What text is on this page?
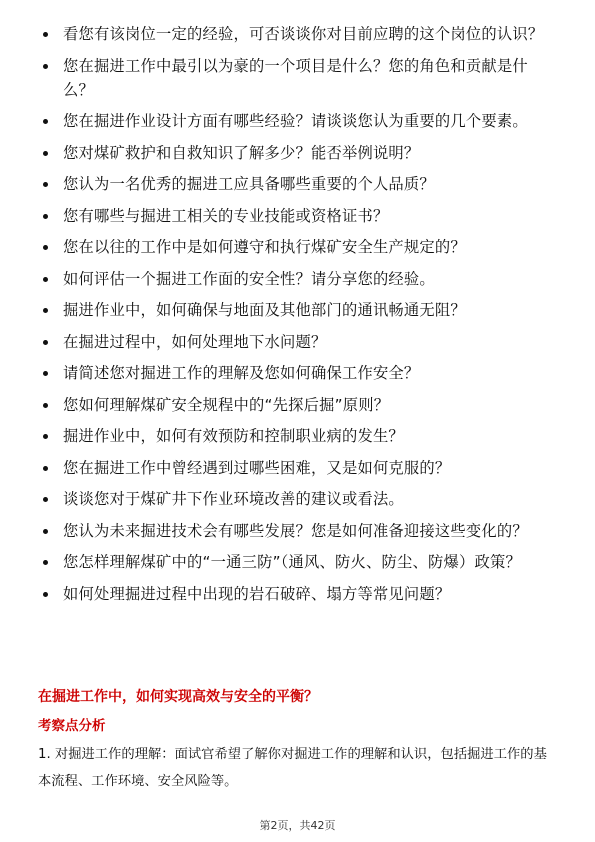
看您有该岗位一定的经验，可否谈谈你对目前应聘的这个岗位的认识？
您在掘进工作中最引以为豪的一个项目是什么？您的角色和贡献是什么？
您在掘进作业设计方面有哪些经验？请谈谈您认为重要的几个要素。
您对煤矿救护和自救知识了解多少？能否举例说明？
您认为一名优秀的掘进工应具备哪些重要的个人品质？
您有哪些与掘进工相关的专业技能或资格证书？
您在以往的工作中是如何遵守和执行煤矿安全生产规定的？
如何评估一个掘进工作面的安全性？请分享您的经验。
掘进作业中，如何确保与地面及其他部门的通讯畅通无阻？
在掘进过程中，如何处理地下水问题？
请简述您对掘进工作的理解及您如何确保工作安全？
您如何理解煤矿安全规程中的“先探后掘”原则？
掘进作业中，如何有效预防和控制职业病的发生？
您在掘进工作中曾经遇到过哪些困难，又是如何克服的？
谈谈您对于煤矿井下作业环境改善的建议或看法。
您认为未来掘进技术会有哪些发展？您是如何准备迎接这些变化的？
您怎样理解煤矿中的“一通三防”（通风、防火、防尘、防爆）政策？
如何处理掘进过程中出现的岩石破碎、塌方等常见问题？
在掘进工作中，如何实现高效与安全的平衡？
考察点分析

1. 对掘进工作的理解：面试官希望了解你对掘进工作的理解和认识，包括掘进工作的基本流程、工作环境、安全风险等。

第2页，共42页
